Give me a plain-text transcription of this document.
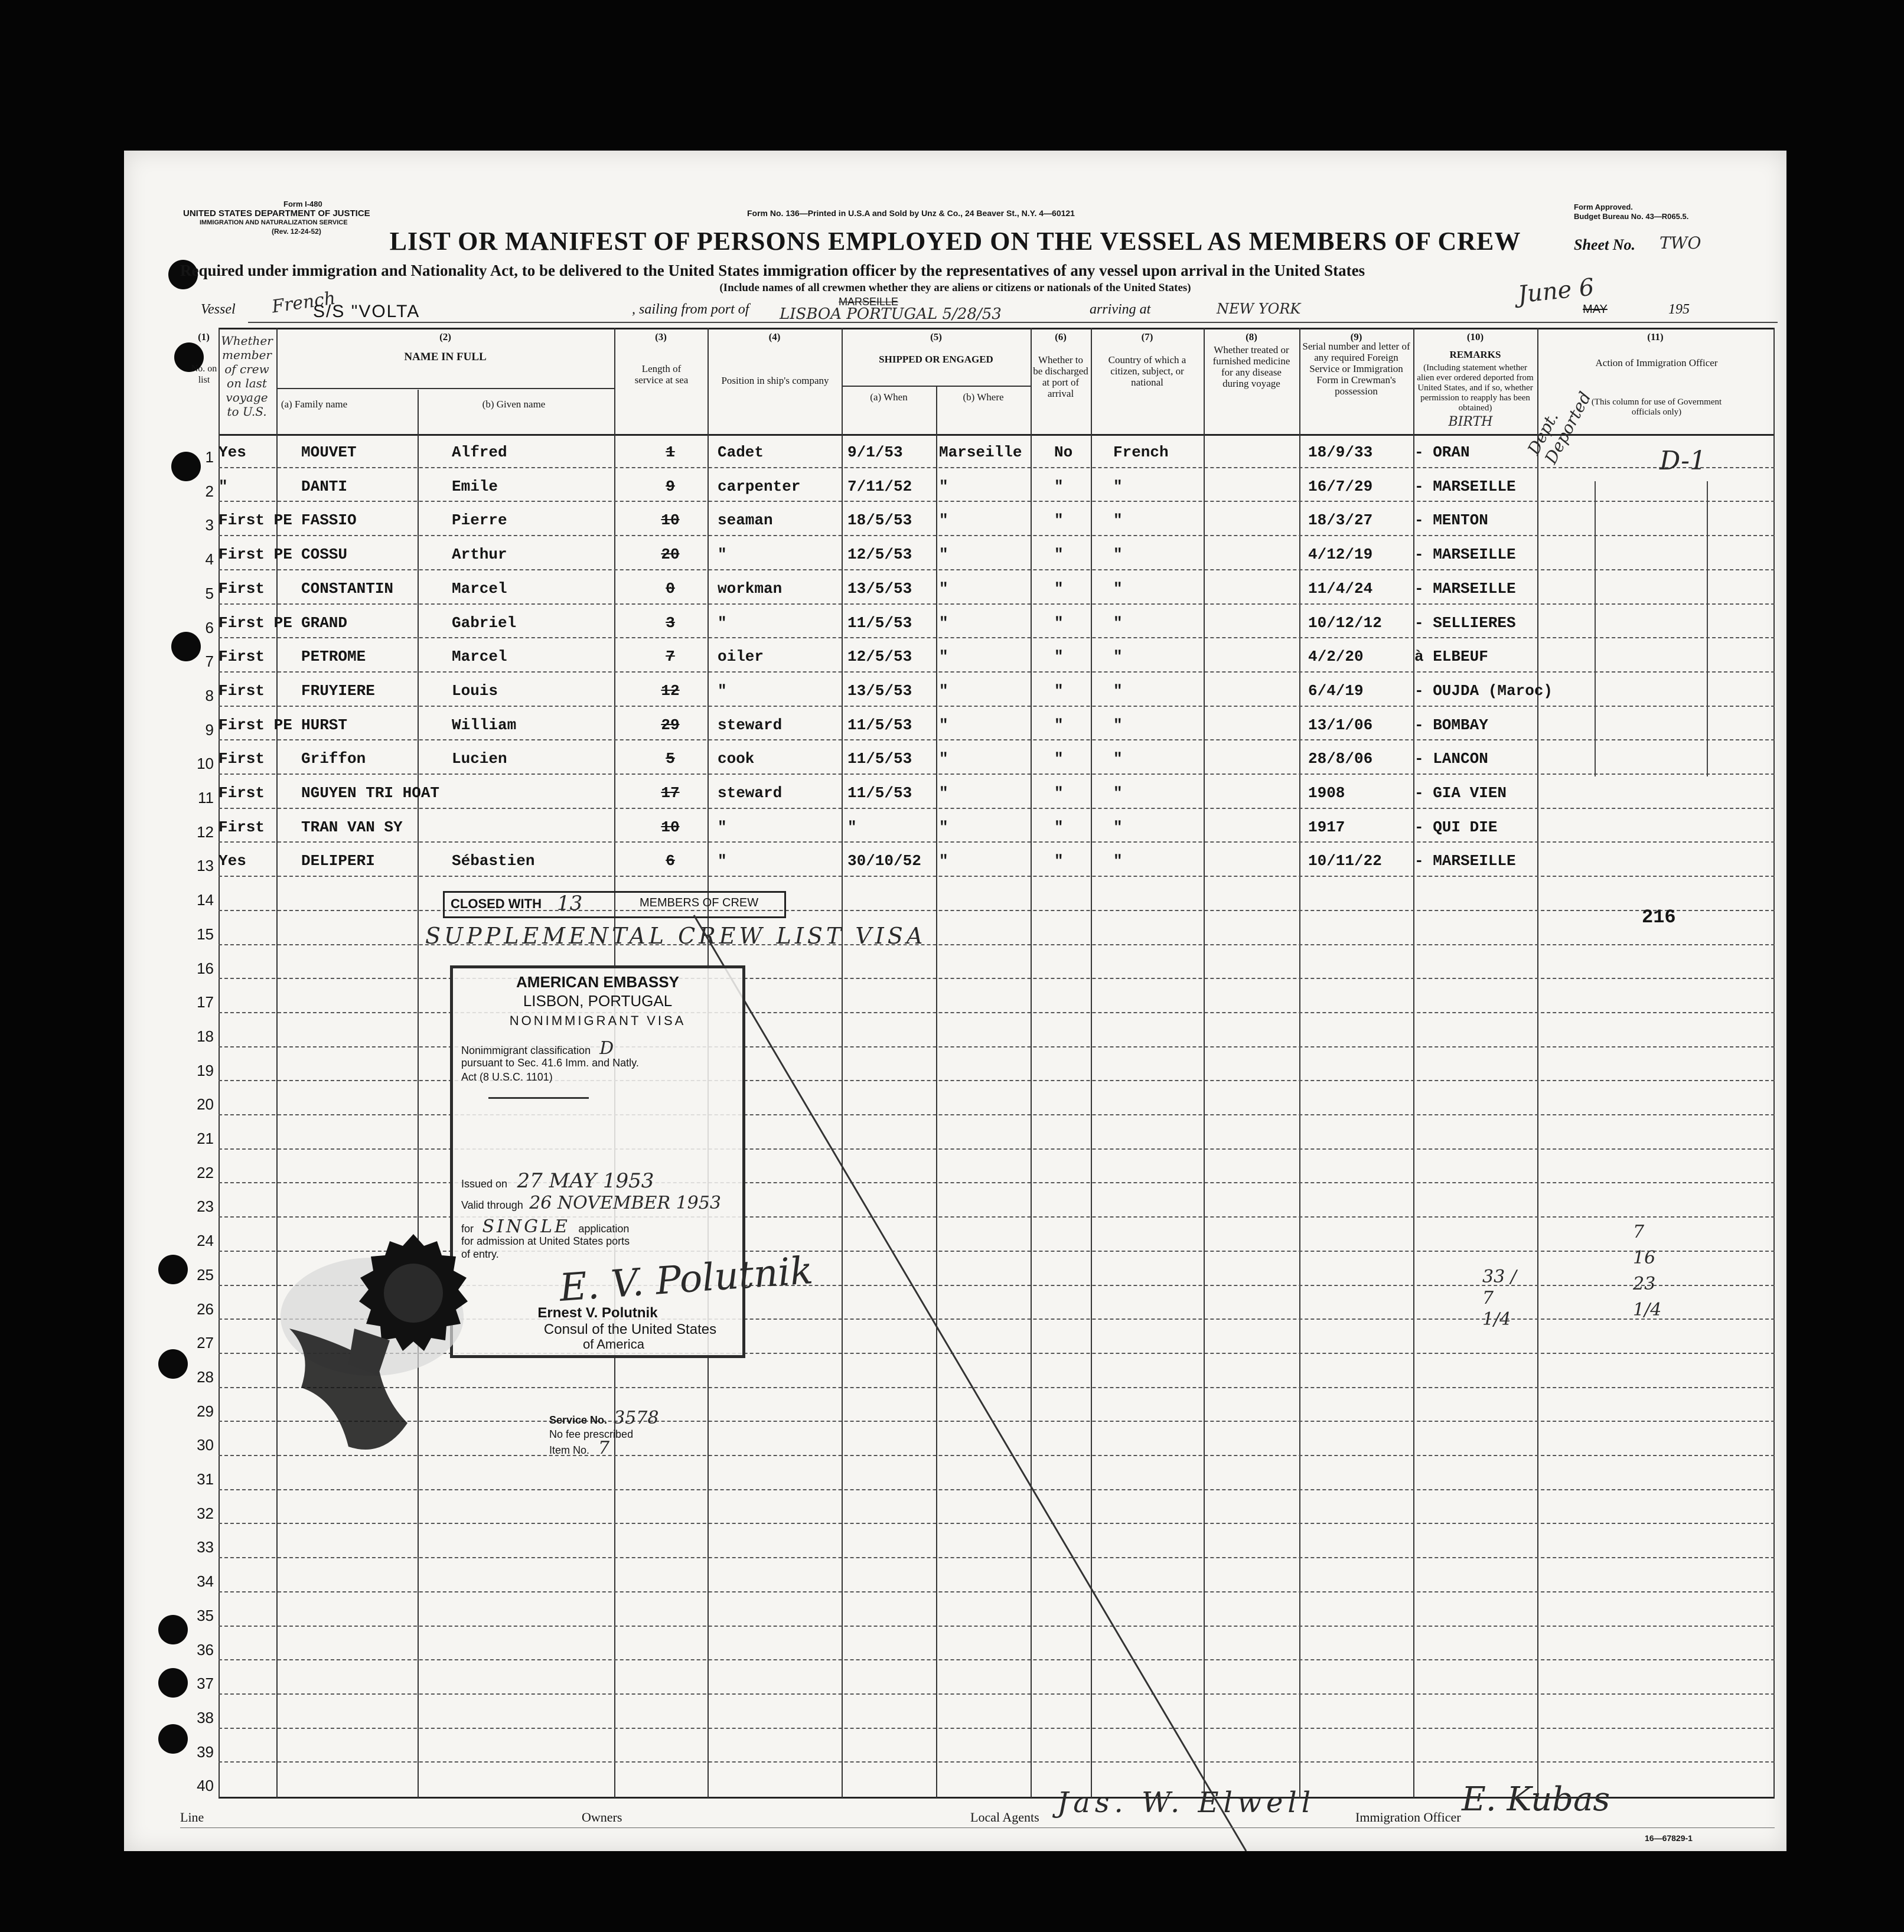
Form I-480
UNITED STATES DEPARTMENT OF JUSTICE
IMMIGRATION AND NATURALIZATION SERVICE
(Rev. 12-24-52)
Form No. 136—Printed in U.S.A and Sold by Unz & Co., 24 Beaver St., N.Y. 4—60121
Form Approved.
Budget Bureau No. 43—R065.5.
LIST OR MANIFEST OF PERSONS EMPLOYED ON THE VESSEL AS MEMBERS OF CREW	Sheet No. TWO
Required under immigration and Nationality Act, to be delivered to the United States immigration officer by the representatives of any vessel upon arrival in the United States
(Include names of all crewmen whether they are aliens or citizens or nationals of the United States)
Vessel French
S/S "VOLTA	, sailing from port of	MARSEILLE
LISBOA PORTUGAL 5/28/53	arriving at	NEW YORK
June 6
MAY	195
(1) Whether member of crew on last voyage to U.S.
No. on list
(2)
NAME IN FULL
(a) Family name	(b) Given name
(3)
Length of service at sea
(4)
Position in ship's company
(5)
SHIPPED OR ENGAGED
(a) When	(b) Where
(6)
Whether to be discharged at port of arrival
(7)
Country of which a citizen, subject, or national
(8)
Whether treated or furnished medicine for any disease during voyage
(9)
Serial number and letter of any required Foreign Service or Immigration Form in Crewman's possession
(10)
REMARKS
(Including statement whether alien ever ordered deported from United States, and if so, whether permission to reapply has been obtained)
BIRTH
(11)
Action of Immigration Officer
(This column for use of Government officials only)
1
2
3
4
5
6
7
8
9
10
11
12
13
14
15
16
17
18
19
20
21
22
23
24
25
26
27
28
29
30
31
32
33
34
35
36
37
38
39
40
Yes	MOUVET	Alfred	1	Cadet	9/1/53 Marseille No	French	18/9/33	- ORAN
"	DANTI	Emile	9	carpenter	7/11/52 "	"	"	16/7/29	- MARSEILLE
First PE FASSIO	Pierre	10	seaman	18/5/53 "	"	"	18/3/27	- MENTON
First PE COSSU	Arthur	20	"	12/5/53 "	"	"	4/12/19	- MARSEILLE
First CONSTANTIN	Marcel	0	workman	13/5/53 "	"	"	11/4/24	- MARSEILLE
First PE GRAND	Gabriel	3	"	11/5/53 "	"	"	10/12/12 - SELLIERES
First PETROME	Marcel	7	oiler	12/5/53 "	"	"	4/2/20	à ELBEUF
First FRUYIERE	Louis	12	"	13/5/53 "	"	"	6/4/19	- OUJDA (Maroc)
First PE HURST	William	29	steward	11/5/53 "	"	"	13/1/06	- BOMBAY
First Griffon	Lucien	5	cook	11/5/53 "	"	"	28/8/06	- LANCON
First NGUYEN TRI HOAT	17	steward	11/5/53 "	"	"	1908	- GIA VIEN
First TRAN VAN SY	10	"	"	"	"	"	1917	- QUI DIE
Yes	DELIPERI	Sébastien	6	"	30/10/52 "	"	"	10/11/22 - MARSEILLE
Dept. Deported D-1
CLOSED WITH 13	MEMBERS OF CREW
SUPPLEMENTAL CREW LIST VISA
216
33 / 7 1/4
7 16 23 1/4
AMERICAN EMBASSY
LISBON, PORTUGAL
NONIMMIGRANT VISA
Nonimmigrant classification D
pursuant to Sec. 41.6 Imm. and Natly.
Act (8 U.S.C. 1101)
Issued on 27 MAY 1953
Valid through 26 NOVEMBER 1953
for SINGLE application
for admission at United States ports
of entry. E. V. Polutnik
Ernest V. Polutnik
Consul of the United States
of America
Service No. 3578
No fee prescribed
Item No. 7
Line	Owners	Local Agents Jas. W. Elwell	Immigration Officer E. Kubas
16—67829-1
